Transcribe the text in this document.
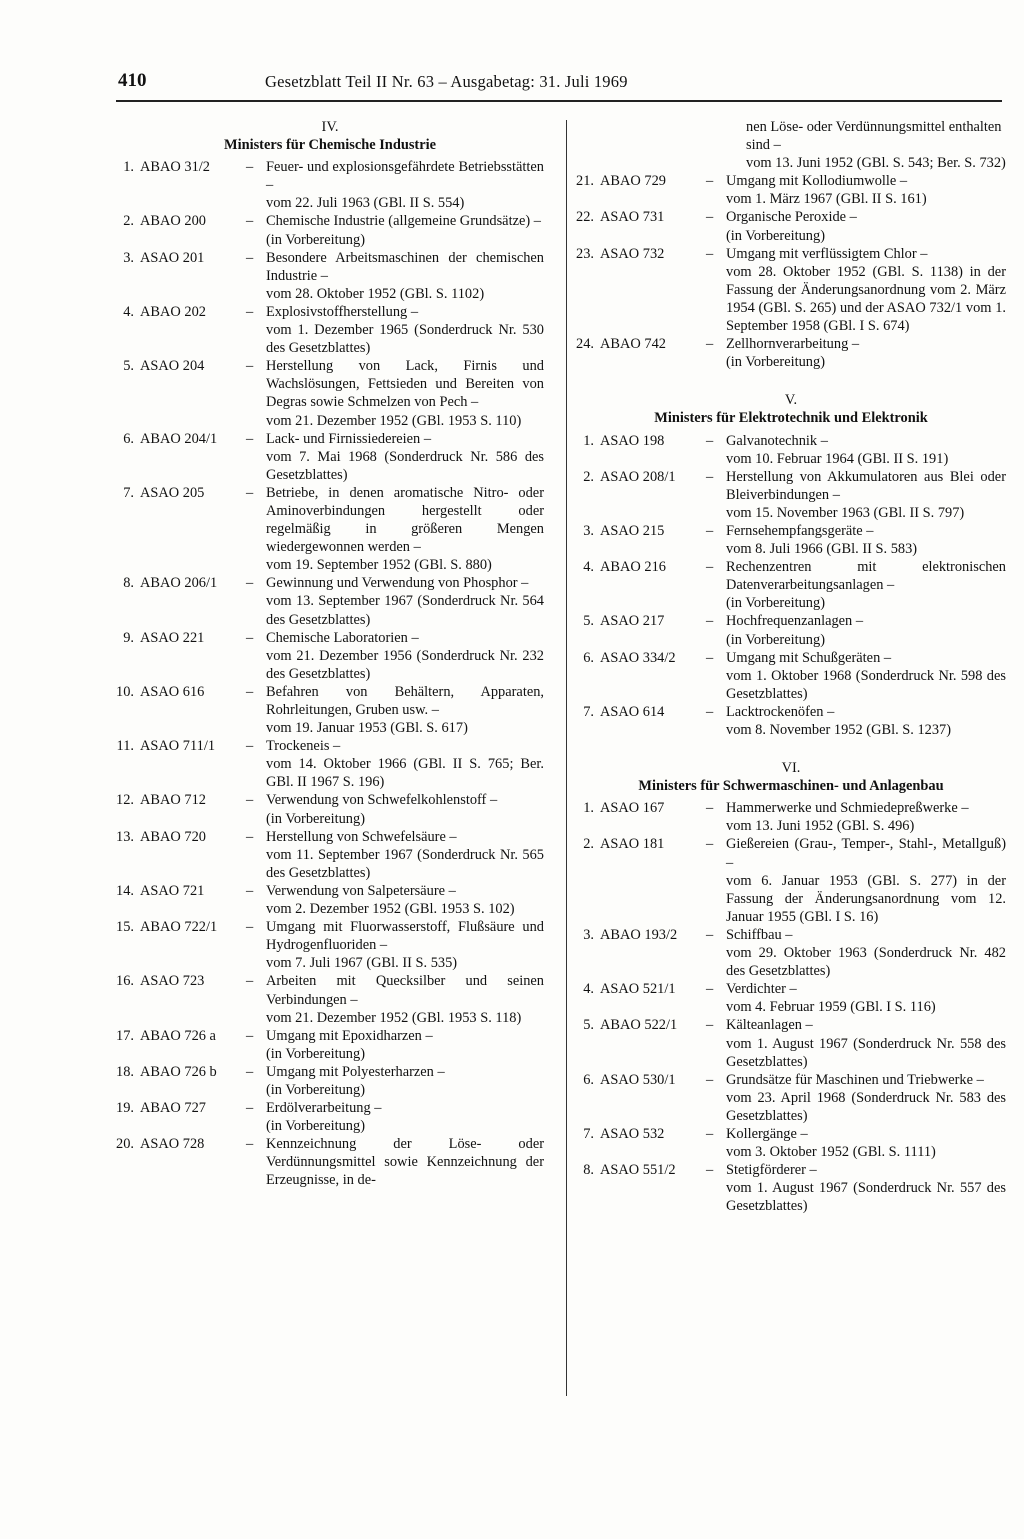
410	Gesetzblatt Teil II Nr. 63 – Ausgabetag: 31. Juli 1969
IV.
Ministers für Chemische Industrie
1. ABAO 31/2	– Feuer- und explosionsgefährdete Betriebsstätten –
vom 22. Juli 1963 (GBl. II S. 554)
2. ABAO 200	– Chemische Industrie (allgemeine Grundsätze) –
(in Vorbereitung)
3. ASAO 201	– Besondere Arbeitsmaschinen der chemischen Industrie –
vom 28. Oktober 1952 (GBl. S. 1102)
4. ABAO 202	– Explosivstoffherstellung –
vom 1. Dezember 1965 (Sonderdruck Nr. 530 des Gesetzblattes)
5. ASAO 204	– Herstellung von Lack, Firnis und Wachslösungen, Fettsieden und Bereiten von Degras sowie Schmelzen von Pech –
vom 21. Dezember 1952 (GBl. 1953 S. 110)
6. ABAO 204/1	– Lack- und Firnissiedereien –
vom 7. Mai 1968 (Sonderdruck Nr. 586 des Gesetzblattes)
7. ASAO 205	– Betriebe, in denen aromatische Nitro- oder Aminoverbindungen hergestellt oder regelmäßig in größeren Mengen wiedergewonnen werden –
vom 19. September 1952 (GBl. S. 880)
8. ABAO 206/1	– Gewinnung und Verwendung von Phosphor –
vom 13. September 1967 (Sonderdruck Nr. 564 des Gesetzblattes)
9. ASAO 221	– Chemische Laboratorien –
vom 21. Dezember 1956 (Sonderdruck Nr. 232 des Gesetzblattes)
10. ASAO 616	– Befahren von Behältern, Apparaten, Rohrleitungen, Gruben usw. –
vom 19. Januar 1953 (GBl. S. 617)
11. ASAO 711/1	– Trockeneis –
vom 14. Oktober 1966 (GBl. II S. 765; Ber. GBl. II 1967 S. 196)
12. ABAO 712	– Verwendung von Schwefelkohlenstoff –
(in Vorbereitung)
13. ABAO 720	– Herstellung von Schwefelsäure –
vom 11. September 1967 (Sonderdruck Nr. 565 des Gesetzblattes)
14. ASAO 721	– Verwendung von Salpetersäure –
vom 2. Dezember 1952 (GBl. 1953 S. 102)
15. ABAO 722/1	– Umgang mit Fluorwasserstoff, Flußsäure und Hydrogenfluoriden –
vom 7. Juli 1967 (GBl. II S. 535)
16. ASAO 723	– Arbeiten mit Quecksilber und seinen Verbindungen –
vom 21. Dezember 1952 (GBl. 1953 S. 118)
17. ABAO 726 a	– Umgang mit Epoxidharzen –
(in Vorbereitung)
18. ABAO 726 b	– Umgang mit Polyesterharzen –
(in Vorbereitung)
19. ABAO 727	– Erdölverarbeitung –
(in Vorbereitung)
20. ASAO 728	– Kennzeichnung der Löse- oder Verdünnungsmittel sowie Kennzeichnung der Erzeugnisse, in de-
nen Löse- oder Verdünnungsmittel enthalten sind –
vom 13. Juni 1952 (GBl. S. 543; Ber. S. 732)
21. ABAO 729	– Umgang mit Kollodiumwolle –
vom 1. März 1967 (GBl. II S. 161)
22. ASAO 731	– Organische Peroxide –
(in Vorbereitung)
23. ASAO 732	– Umgang mit verflüssigtem Chlor –
vom 28. Oktober 1952 (GBl. S. 1138) in der Fassung der Änderungsanordnung vom 2. März 1954 (GBl. S. 265) und der ASAO 732/1 vom 1. September 1958 (GBl. I S. 674)
24. ABAO 742	– Zellhornverarbeitung –
(in Vorbereitung)
V.
Ministers für Elektrotechnik und Elektronik
1. ASAO 198	– Galvanotechnik –
vom 10. Februar 1964 (GBl. II S. 191)
2. ASAO 208/1	– Herstellung von Akkumulatoren aus Blei oder Bleiverbindungen –
vom 15. November 1963 (GBl. II S. 797)
3. ASAO 215	– Fernsehempfangsgeräte –
vom 8. Juli 1966 (GBl. II S. 583)
4. ABAO 216	– Rechenzentren mit elektronischen Datenverarbeitungsanlagen –
(in Vorbereitung)
5. ASAO 217	– Hochfrequenzanlagen –
(in Vorbereitung)
6. ASAO 334/2	– Umgang mit Schußgeräten –
vom 1. Oktober 1968 (Sonderdruck Nr. 598 des Gesetzblattes)
7. ASAO 614	– Lacktrockenöfen –
vom 8. November 1952 (GBl. S. 1237)
VI.
Ministers für Schwermaschinen- und Anlagenbau
1. ASAO 167	– Hammerwerke und Schmiedepreßwerke –
vom 13. Juni 1952 (GBl. S. 496)
2. ASAO 181	– Gießereien (Grau-, Temper-, Stahl-, Metallguß) –
vom 6. Januar 1953 (GBl. S. 277) in der Fassung der Änderungsanordnung vom 12. Januar 1955 (GBl. I S. 16)
3. ABAO 193/2	– Schiffbau –
vom 29. Oktober 1963 (Sonderdruck Nr. 482 des Gesetzblattes)
4. ASAO 521/1	– Verdichter –
vom 4. Februar 1959 (GBl. I S. 116)
5. ABAO 522/1	– Kälteanlagen –
vom 1. August 1967 (Sonderdruck Nr. 558 des Gesetzblattes)
6. ASAO 530/1	– Grundsätze für Maschinen und Triebwerke –
vom 23. April 1968 (Sonderdruck Nr. 583 des Gesetzblattes)
7. ASAO 532	– Kollergänge –
vom 3. Oktober 1952 (GBl. S. 1111)
8. ASAO 551/2	– Stetigförderer –
vom 1. August 1967 (Sonderdruck Nr. 557 des Gesetzblattes)
